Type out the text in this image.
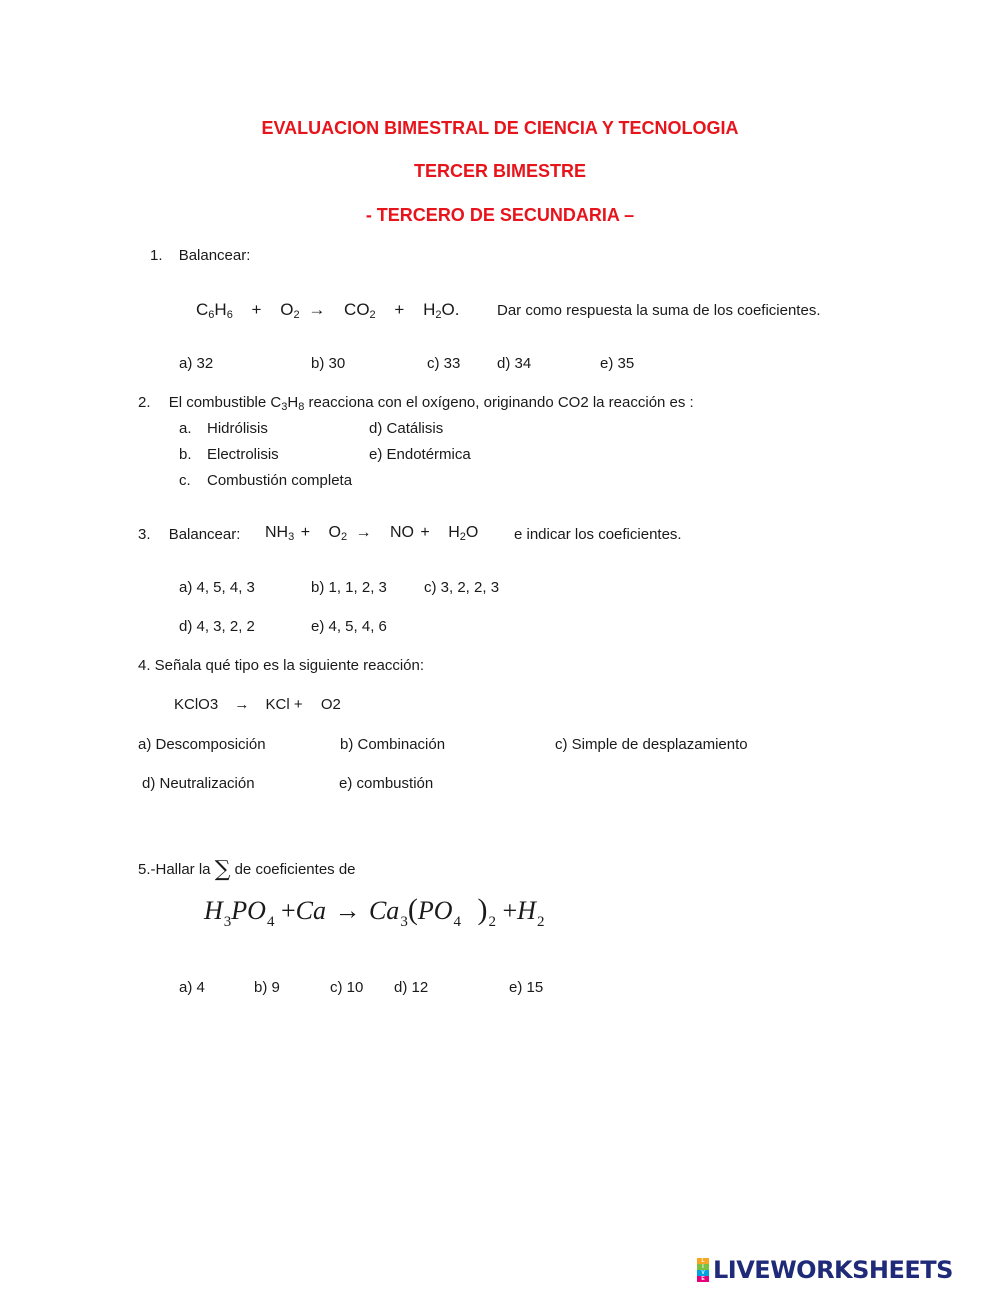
EVALUACION BIMESTRAL DE CIENCIA Y TECNOLOGIA
TERCER BIMESTRE
- TERCERO DE SECUNDARIA –
1. Balancear:
$C_6H_6 + O_2 \to CO_2 + H_2O$.	Dar como respuesta la suma de los coeficientes.
a) 32	b) 30	c) 33 d) 34	e) 35
2. El combustible $C_3H_8$ reacciona con el oxígeno, originando CO2 la reacción es :
a. Hidrólisis	d) Catálisis
b. Electrolisis	e) Endotérmica
c. Combustión completa
3. Balancear: $NH_3 + O_2$ → NO + $H_2O$ e indicar los coeficientes.
a) 4, 5, 4, 3	b) 1, 1, 2, 3 c) 3, 2, 2, 3
d) 4, 3, 2, 2	e) 4, 5, 4, 6
4. Señala qué tipo es la siguiente reacción:
KClO3 → KCl + O2
a) Descomposición	b) Combinación	c) Simple de desplazamiento
d) Neutralización	e) combustión
5.-Hallar la ∑ de coeficientes de
$H_3PO_4 +Ca \to Ca_3(PO_4$ )$_2 +H_2$
a) 4	b) 9	c) 10 d) 12	e) 15
L
I
V
E LIVEWORKSHEETS
